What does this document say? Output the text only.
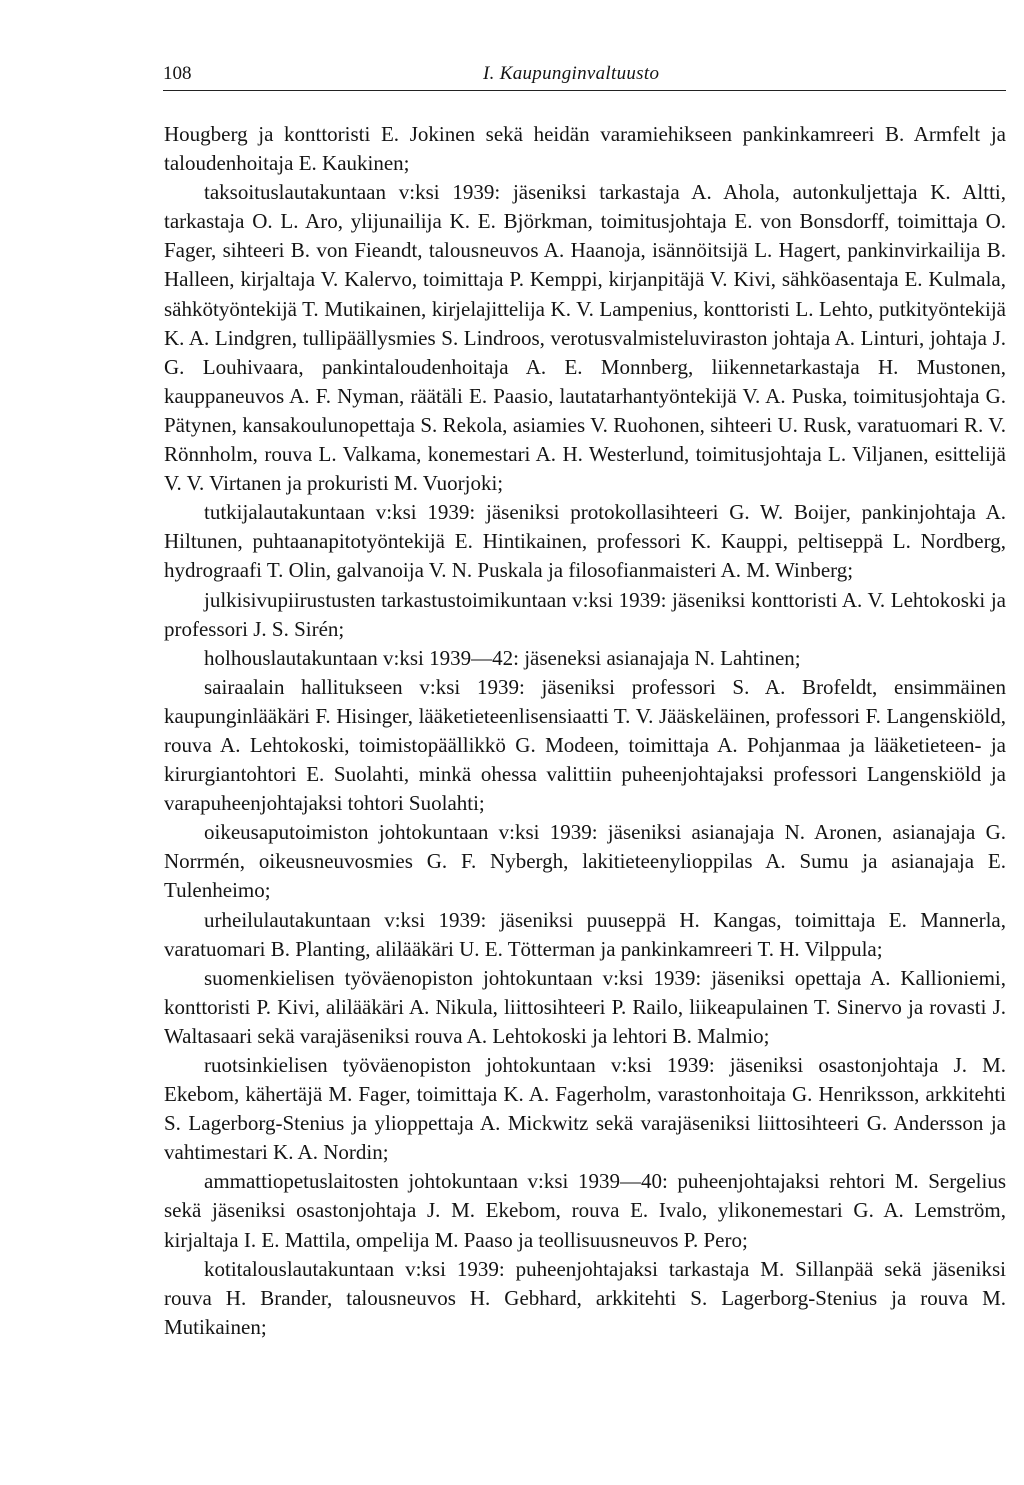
108	I. Kaupunginvaltuusto

Hougberg ja konttoristi E. Jokinen sekä heidän varamiehikseen pankinkamreeri B. Armfelt ja taloudenhoitaja E. Kaukinen;

taksoituslautakuntaan v:ksi 1939: jäseniksi tarkastaja A. Ahola, autonkuljettaja K. Altti, tarkastaja O. L. Aro, ylijunailija K. E. Björkman, toimitusjohtaja E. von Bonsdorff, toimittaja O. Fager, sihteeri B. von Fieandt, talousneuvos A. Haanoja, isännöitsijä L. Hagert, pankinvirkailija B. Halleen, kirjaltaja V. Kalervo, toimittaja P. Kemppi, kirjanpitäjä V. Kivi, sähköasentaja E. Kulmala, sähkötyöntekijä T. Mutikainen, kirjelajittelija K. V. Lampenius, konttoristi L. Lehto, putkityöntekijä K. A. Lindgren, tullipäällysmies S. Lindroos, verotusvalmisteluviraston johtaja A. Linturi, johtaja J. G. Louhivaara, pankintaloudenhoitaja A. E. Monnberg, liikennetarkastaja H. Mustonen, kauppaneuvos A. F. Nyman, räätäli E. Paasio, lautatarhantyöntekijä V. A. Puska, toimitusjohtaja G. Pätynen, kansakoulunopettaja S. Rekola, asiamies V. Ruohonen, sihteeri U. Rusk, varatuomari R. V. Rönnholm, rouva L. Valkama, konemestari A. H. Westerlund, toimitusjohtaja L. Viljanen, esittelijä V. V. Virtanen ja prokuristi M. Vuorjoki;

tutkijalautakuntaan v:ksi 1939: jäseniksi protokollasihteeri G. W. Boijer, pankinjohtaja A. Hiltunen, puhtaanapitotyöntekijä E. Hintikainen, professori K. Kauppi, peltiseppä L. Nordberg, hydrograafi T. Olin, galvanoija V. N. Puskala ja filosofianmaisteri A. M. Winberg;

julkisivupiirustusten tarkastustoimikuntaan v:ksi 1939: jäseniksi konttoristi A. V. Lehtokoski ja professori J. S. Sirén;

holhouslautakuntaan v:ksi 1939—42: jäseneksi asianajaja N. Lahtinen;

sairaalain hallitukseen v:ksi 1939: jäseniksi professori S. A. Brofeldt, ensimmäinen kaupunginlääkäri F. Hisinger, lääketieteenlisensiaatti T. V. Jääskeläinen, professori F. Langenskiöld, rouva A. Lehtokoski, toimistopäällikkö G. Modeen, toimittaja A. Pohjanmaa ja lääketieteen- ja kirurgiantohtori E. Suolahti, minkä ohessa valittiin puheenjohtajaksi professori Langenskiöld ja varapuheenjohtajaksi tohtori Suolahti;

oikeusaputoimiston johtokuntaan v:ksi 1939: jäseniksi asianajaja N. Aronen, asianajaja G. Norrmén, oikeusneuvosmies G. F. Nybergh, lakitieteenylioppilas A. Sumu ja asianajaja E. Tulenheimo;

urheilulautakuntaan v:ksi 1939: jäseniksi puuseppä H. Kangas, toimittaja E. Mannerla, varatuomari B. Planting, alilääkäri U. E. Tötterman ja pankinkamreeri T. H. Vilppula;

suomenkielisen työväenopiston johtokuntaan v:ksi 1939: jäseniksi opettaja A. Kallioniemi, konttoristi P. Kivi, alilääkäri A. Nikula, liittosihteeri P. Railo, liikeapulainen T. Sinervo ja rovasti J. Waltasaari sekä varajäseniksi rouva A. Lehtokoski ja lehtori B. Malmio;

ruotsinkielisen työväenopiston johtokuntaan v:ksi 1939: jäseniksi osastonjohtaja J. M. Ekebom, kähertäjä M. Fager, toimittaja K. A. Fagerholm, varastonhoitaja G. Henriksson, arkkitehti S. Lagerborg-Stenius ja ylioppettaja A. Mickwitz sekä varajäseniksi liittosihteeri G. Andersson ja vahtimestari K. A. Nordin;

ammattiopetuslaitosten johtokuntaan v:ksi 1939—40: puheenjohtajaksi rehtori M. Sergelius sekä jäseniksi osastonjohtaja J. M. Ekebom, rouva E. Ivalo, ylikonemestari G. A. Lemström, kirjaltaja I. E. Mattila, ompelija M. Paaso ja teollisuusneuvos P. Pero;

kotitalouslautakuntaan v:ksi 1939: puheenjohtajaksi tarkastaja M. Sillanpää sekä jäseniksi rouva H. Brander, talousneuvos H. Gebhard, arkkitehti S. Lagerborg-Stenius ja rouva M. Mutikainen;
